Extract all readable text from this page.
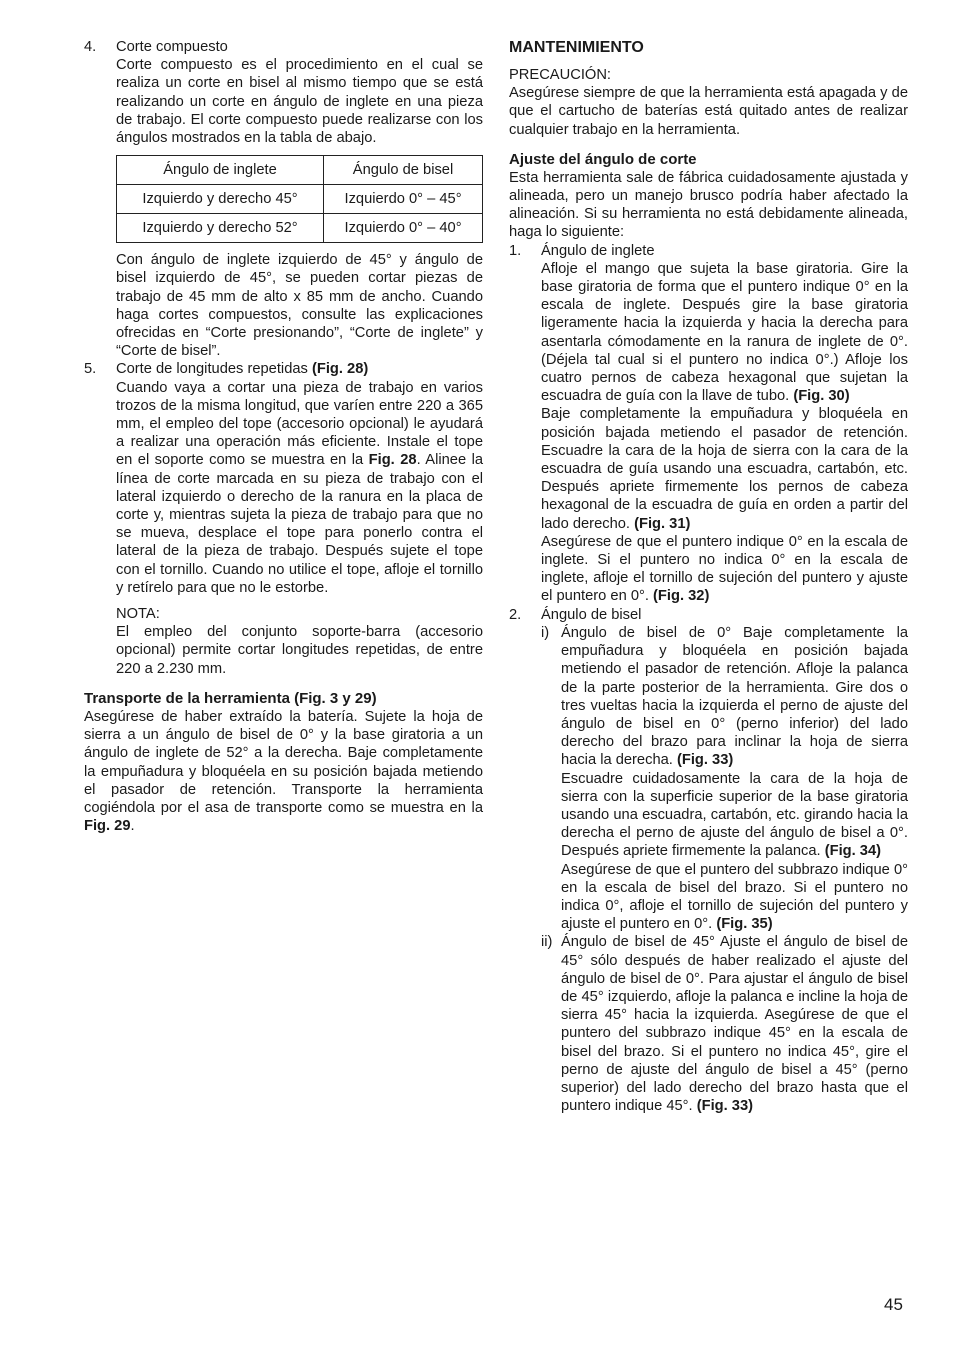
4.	Corte compuesto

Corte compuesto es el procedimiento en el cual se realiza un corte en bisel al mismo tiempo que se está realizando un corte en ángulo de inglete en una pieza de trabajo. El corte compuesto puede realizarse con los ángulos mostrados en la tabla de abajo.

Ángulo de inglete	Ángulo de bisel
Izquierdo y derecho 45°	Izquierdo 0° – 45°
Izquierdo y derecho 52°	Izquierdo 0° – 40°

Con ángulo de inglete izquierdo de 45° y ángulo de bisel izquierdo de 45°, se pueden cortar piezas de trabajo de 45 mm de alto x 85 mm de ancho. Cuando haga cortes compuestos, consulte las explicaciones ofrecidas en “Corte presionando”, “Corte de inglete” y “Corte de bisel”.

5.	Corte de longitudes repetidas (Fig. 28)

Cuando vaya a cortar una pieza de trabajo en varios trozos de la misma longitud, que varíen entre 220 a 365 mm, el empleo del tope (accesorio opcional) le ayudará a realizar una operación más eficiente. Instale el tope en el soporte como se muestra en la Fig. 28. Alinee la línea de corte marcada en su pieza de trabajo con el lateral izquierdo o derecho de la ranura en la placa de corte y, mientras sujeta la pieza de trabajo para que no se mueva, desplace el tope para ponerlo contra el lateral de la pieza de trabajo. Después sujete el tope con el tornillo. Cuando no utilice el tope, afloje el tornillo y retírelo para que no le estorbe.

NOTA:

El empleo del conjunto soporte-barra (accesorio opcional) permite cortar longitudes repetidas, de entre 220 a 2.230 mm.

Transporte de la herramienta (Fig. 3 y 29)

Asegúrese de haber extraído la batería. Sujete la hoja de sierra a un ángulo de bisel de 0° y la base giratoria a un ángulo de inglete de 52° a la derecha. Baje completamente la empuñadura y bloquéela en su posición bajada metiendo el pasador de retención. Transporte la herramienta cogiéndola por el asa de transporte como se muestra en la Fig. 29.

MANTENIMIENTO

PRECAUCIÓN:

Asegúrese siempre de que la herramienta está apagada y de que el cartucho de baterías está quitado antes de realizar cualquier trabajo en la herramienta.

Ajuste del ángulo de corte

Esta herramienta sale de fábrica cuidadosamente ajustada y alineada, pero un manejo brusco podría haber afectado la alineación. Si su herramienta no está debidamente alineada, haga lo siguiente:

1.	Ángulo de inglete

Afloje el mango que sujeta la base giratoria. Gire la base giratoria de forma que el puntero indique 0° en la escala de inglete. Después gire la base giratoria ligeramente hacia la izquierda y hacia la derecha para asentarla cómodamente en la ranura de inglete de 0°. (Déjela tal cual si el puntero no indica 0°.) Afloje los cuatro pernos de cabeza hexagonal que sujetan la escuadra de guía con la llave de tubo. (Fig. 30)

Baje completamente la empuñadura y bloquéela en posición bajada metiendo el pasador de retención. Escuadre la cara de la hoja de sierra con la cara de la escuadra de guía usando una escuadra, cartabón, etc. Después apriete firmemente los pernos de cabeza hexagonal de la escuadra de guía en orden a partir del lado derecho. (Fig. 31)

Asegúrese de que el puntero indique 0° en la escala de inglete. Si el puntero no indica 0° en la escala de inglete, afloje el tornillo de sujeción del puntero y ajuste el puntero en 0°. (Fig. 32)

2.	Ángulo de bisel

i) Ángulo de bisel de 0° Baje completamente la empuñadura y bloquéela en posición bajada metiendo el pasador de retención. Afloje la palanca de la parte posterior de la herramienta. Gire dos o tres vueltas hacia la izquierda el perno de ajuste del ángulo de bisel en 0° (perno inferior) del lado derecho del brazo para inclinar la hoja de sierra hacia la derecha. (Fig. 33)

Escuadre cuidadosamente la cara de la hoja de sierra con la superficie superior de la base giratoria usando una escuadra, cartabón, etc. girando hacia la derecha el perno de ajuste del ángulo de bisel a 0°. Después apriete firmemente la palanca. (Fig. 34)

Asegúrese de que el puntero del subbrazo indique 0° en la escala de bisel del brazo. Si el puntero no indica 0°, afloje el tornillo de sujeción del puntero y ajuste el puntero en 0°. (Fig. 35)

ii) Ángulo de bisel de 45° Ajuste el ángulo de bisel de 45° sólo después de haber realizado el ajuste del ángulo de bisel de 0°. Para ajustar el ángulo de bisel de 45° izquierdo, afloje la palanca e incline la hoja de sierra 45° hacia la izquierda. Asegúrese de que el puntero del subbrazo indique 45° en la escala de bisel del brazo. Si el puntero no indica 45°, gire el perno de ajuste del ángulo de bisel a 45° (perno superior) del lado derecho del brazo hasta que el puntero indique 45°. (Fig. 33)

45
